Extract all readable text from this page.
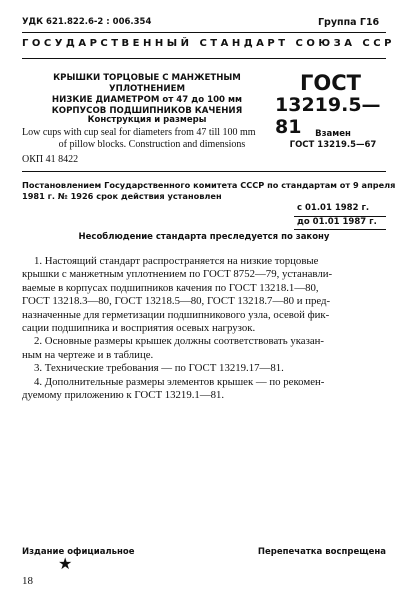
УДК 621.822.6-2 : 006.354	Группа Г16
ГОСУДАРСТВЕННЫЙ СТАНДАРТ СОЮЗА ССР
КРЫШКИ ТОРЦОВЫЕ С МАНЖЕТНЫМ УПЛОТНЕНИЕМ
НИЗКИЕ ДИАМЕТРОМ от 47 до 100 мм
КОРПУСОВ ПОДШИПНИКОВ КАЧЕНИЯ
Конструкция и размеры
Low cups with cup seal for diameters from 47 till 100 mm
of pillow blocks. Construction and dimensions
ОКП 41 8422
ГОСТ
13219.5—81	Взамен
ГОСТ 13219.5—67
Постановлением Государственного комитета СССР по стандартам от 9 апреля
1981 г. № 1926 срок действия установлен
с 01.01 1982 г.
до 01.01 1987 г.
Несоблюдение стандарта преследуется по закону
1. Настоящий стандарт распространяется на низкие торцовые
крышки с манжетным уплотнением по ГОСТ 8752—79, устанавли-
ваемые в корпусах подшипников качения по ГОСТ 13218.1—80,
ГОСТ 13218.3—80, ГОСТ 13218.5—80, ГОСТ 13218.7—80 и пред-
назначенные для герметизации подшипникового узла, осевой фик-
сации подшипника и восприятия осевых нагрузок.
2. Основные размеры крышек должны соответствовать указан-
ным на чертеже и в таблице.
3. Технические требования — по ГОСТ 13219.17—81.
4. Дополнительные размеры элементов крышек — по рекомен-
дуемому приложению к ГОСТ 13219.1—81.
Издание официальное	Перепечатка воспрещена
★
18
